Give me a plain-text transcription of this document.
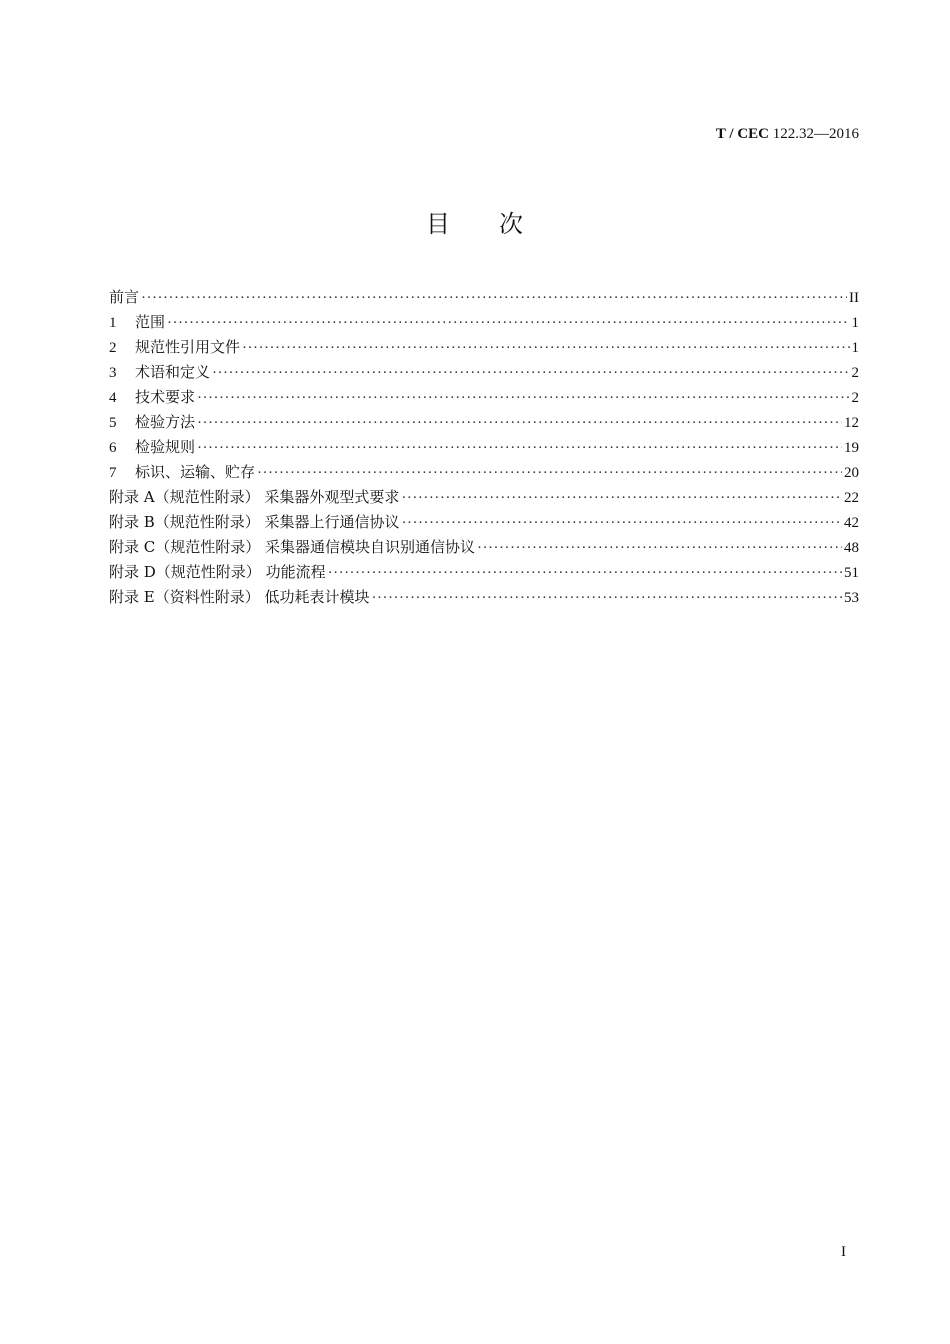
T / CEC 122.32—2016
目 次
前言 ·····	II
1	范围 ·····	1
2	规范性引用文件 ·····	1
3	术语和定义 ·····	2
4	技术要求 ·····	2
5	检验方法 ·····	12
6	检验规则 ·····	19
7	标识、运输、贮存 ·····	20
附录 A（规范性附录） 采集器外观型式要求 ·····	22
附录 B（规范性附录） 采集器上行通信协议 ·····	42
附录 C（规范性附录） 采集器通信模块自识别通信协议 ·····	48
附录 D（规范性附录） 功能流程 ·····	51
附录 E（资料性附录） 低功耗表计模块 ·····	53
I
